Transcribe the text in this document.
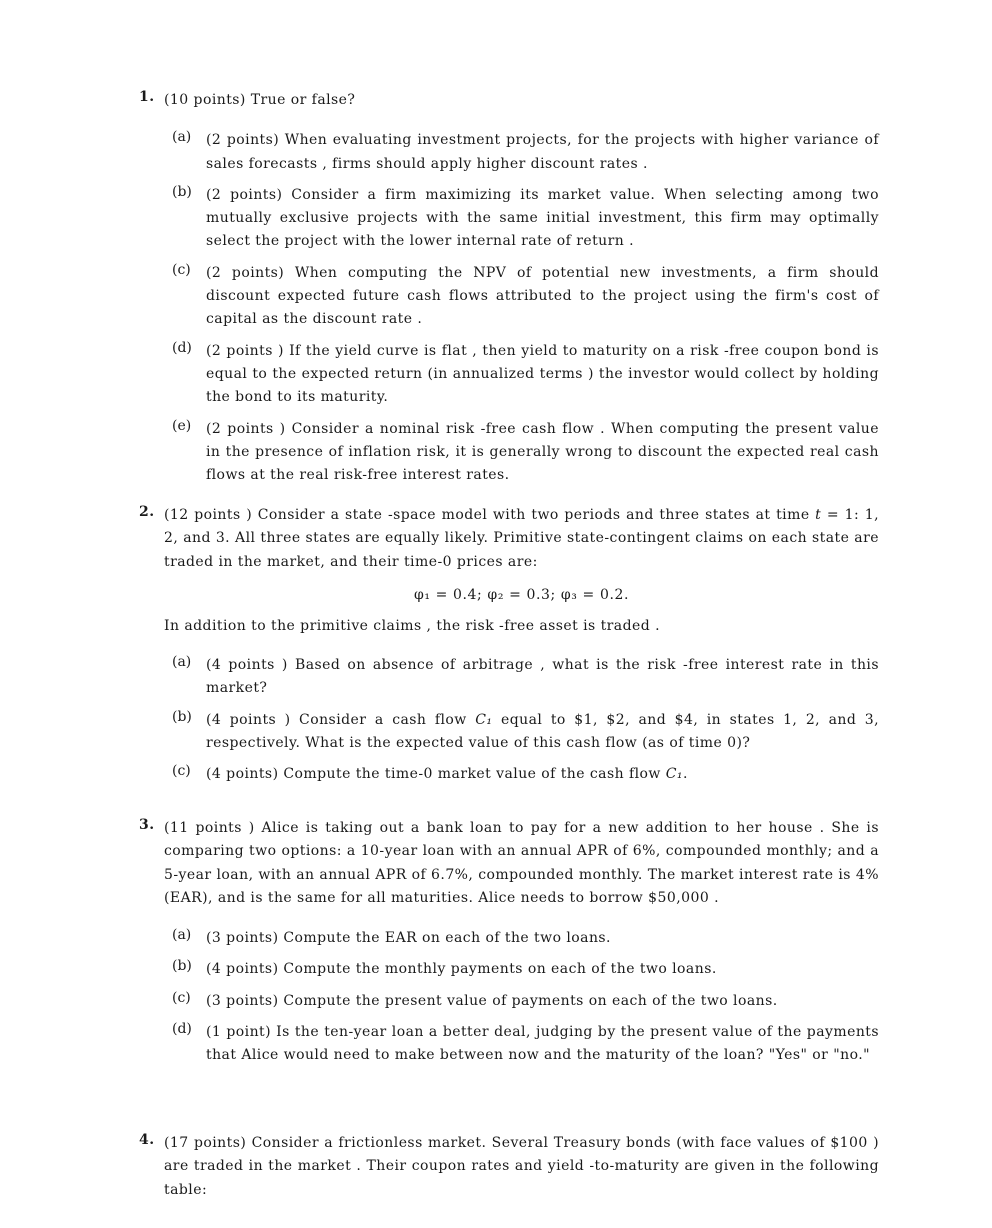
1. (10 points) True or false?
(a) (2 points) When evaluating investment projects, for the projects with higher variance of sales forecasts , firms should apply higher discount rates .
(b) (2 points) Consider a firm maximizing its market value. When selecting among two mutually exclusive projects with the same initial investment, this firm may optimally select the project with the lower internal rate of return .
(c) (2 points) When computing the NPV of potential new investments, a firm should discount expected future cash flows attributed to the project using the firm's cost of capital as the discount rate .
(d) (2 points ) If the yield curve is flat , then yield to maturity on a risk -free coupon bond is equal to the expected return (in annualized terms ) the investor would collect by holding the bond to its maturity.
(e) (2 points ) Consider a nominal risk -free cash flow . When computing the present value in the presence of inflation risk, it is generally wrong to discount the expected real cash flows at the real risk-free interest rates.
2. (12 points ) Consider a state -space model with two periods and three states at time t = 1: 1, 2, and 3. All three states are equally likely. Primitive state-contingent claims on each state are traded in the market, and their time-0 prices are:
φ₁ = 0.4; φ₂ = 0.3; φ₃ = 0.2.
In addition to the primitive claims , the risk -free asset is traded .
(a) (4 points ) Based on absence of arbitrage , what is the risk -free interest rate in this market?
(b) (4 points ) Consider a cash flow C₁ equal to $1, $2, and $4, in states 1, 2, and 3, respectively. What is the expected value of this cash flow (as of time 0)?
(c) (4 points) Compute the time-0 market value of the cash flow C₁.
3. (11 points ) Alice is taking out a bank loan to pay for a new addition to her house . She is comparing two options: a 10-year loan with an annual APR of 6%, compounded monthly; and a 5-year loan, with an annual APR of 6.7%, compounded monthly. The market interest rate is 4% (EAR), and is the same for all maturities. Alice needs to borrow $50,000 .
(a) (3 points) Compute the EAR on each of the two loans.
(b) (4 points) Compute the monthly payments on each of the two loans.
(c) (3 points) Compute the present value of payments on each of the two loans.
(d) (1 point) Is the ten-year loan a better deal, judging by the present value of the payments that Alice would need to make between now and the maturity of the loan? "Yes" or "no."
4. (17 points) Consider a frictionless market. Several Treasury bonds (with face values of $100 ) are traded in the market . Their coupon rates and yield -to-maturity are given in the following table:
